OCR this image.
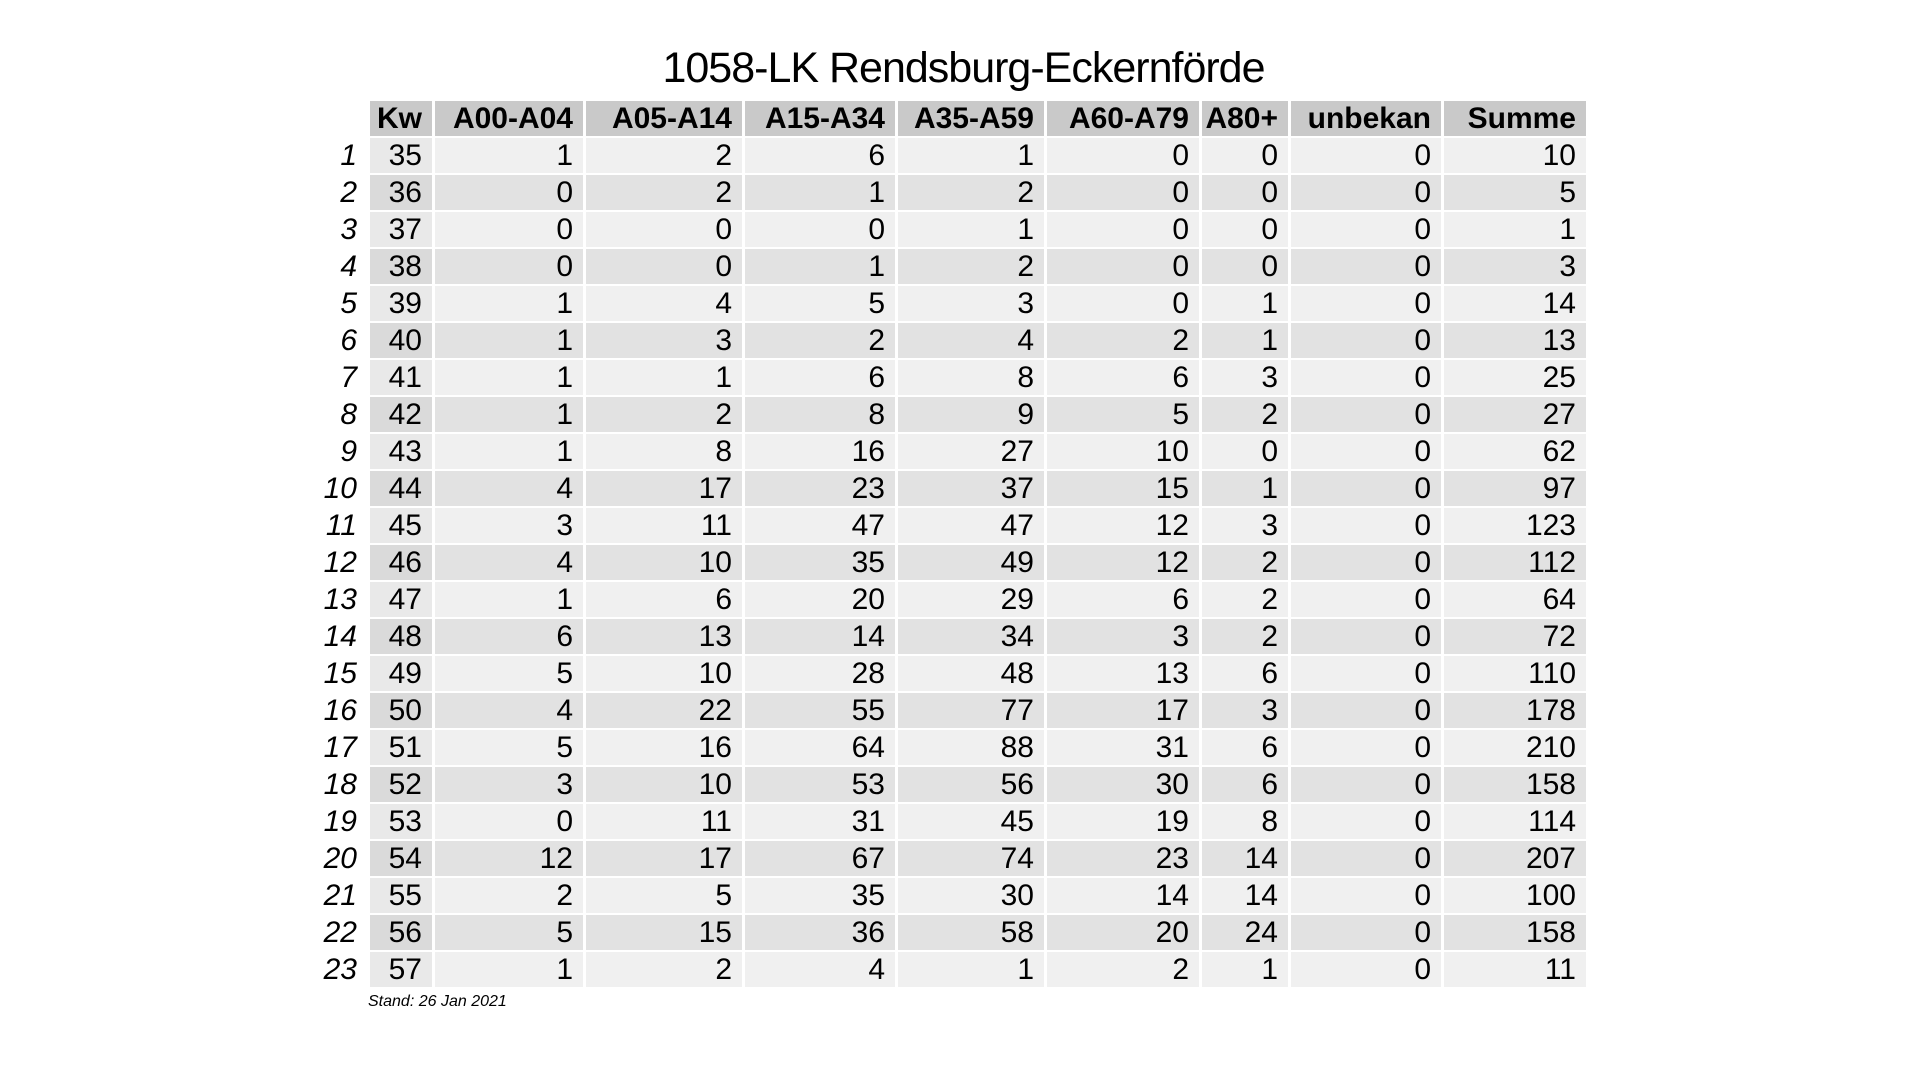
1058-LK Rendsburg-Eckernförde
	Kw	A00-A04	A05-A14	A15-A34	A35-A59	A60-A79	A80+	unbekan	Summe
1	35	1	2	6	1	0	0	0	10
2	36	0	2	1	2	0	0	0	5
3	37	0	0	0	1	0	0	0	1
4	38	0	0	1	2	0	0	0	3
5	39	1	4	5	3	0	1	0	14
6	40	1	3	2	4	2	1	0	13
7	41	1	1	6	8	6	3	0	25
8	42	1	2	8	9	5	2	0	27
9	43	1	8	16	27	10	0	0	62
10	44	4	17	23	37	15	1	0	97
11	45	3	11	47	47	12	3	0	123
12	46	4	10	35	49	12	2	0	112
13	47	1	6	20	29	6	2	0	64
14	48	6	13	14	34	3	2	0	72
15	49	5	10	28	48	13	6	0	110
16	50	4	22	55	77	17	3	0	178
17	51	5	16	64	88	31	6	0	210
18	52	3	10	53	56	30	6	0	158
19	53	0	11	31	45	19	8	0	114
20	54	12	17	67	74	23	14	0	207
21	55	2	5	35	30	14	14	0	100
22	56	5	15	36	58	20	24	0	158
23	57	1	2	4	1	2	1	0	11
Stand: 26 Jan 2021
